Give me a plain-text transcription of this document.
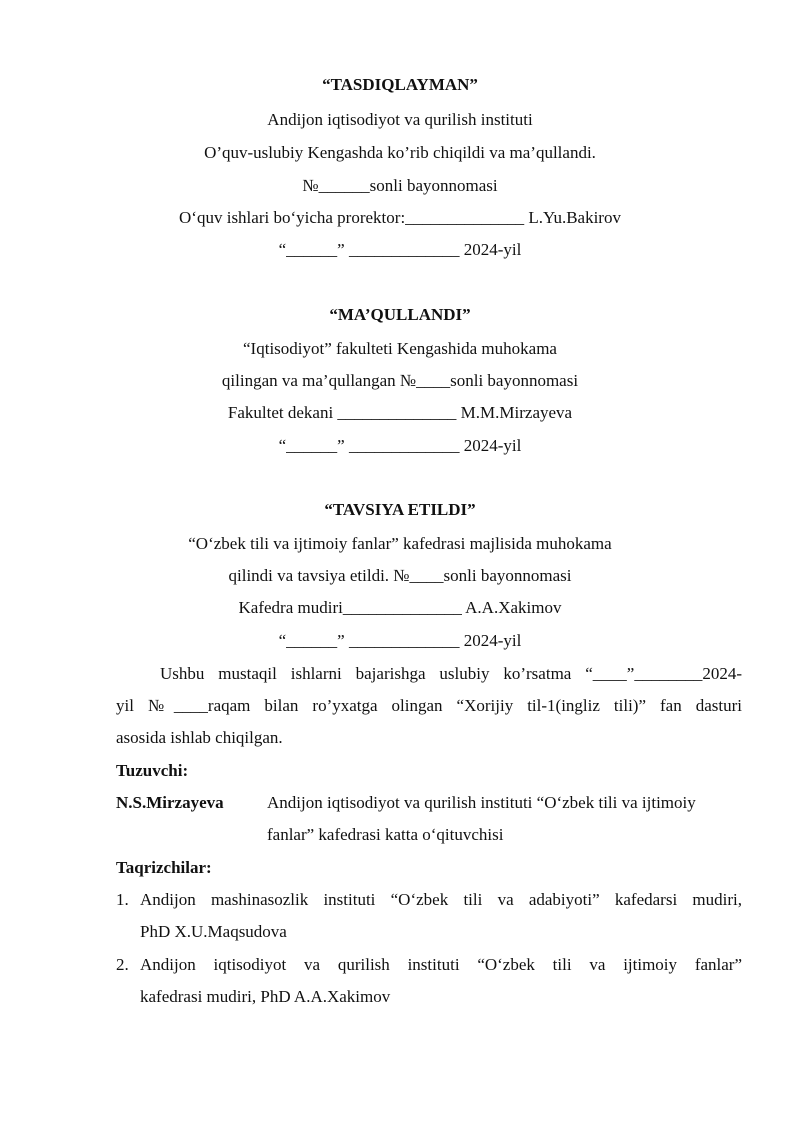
“TASDIQLAYMAN”
Andijon iqtisodiyot va qurilish instituti
O’quv-uslubiy Kengashda ko’rib chiqildi va ma’qullandi.
№______sonli bayonnomasi
O‘quv ishlari bo‘yicha prorektor:______________ L.Yu.Bakirov
“______” _____________ 2024-yil
“MA’QULLANDI”
“Iqtisodiyot” fakulteti Kengashida muhokama
qilingan va ma’qullangan №____sonli bayonnomasi
Fakultet dekani ______________ M.M.Mirzayeva
“______” _____________ 2024-yil
“TAVSIYA ETILDI”
“O‘zbek tili va ijtimoiy fanlar” kafedrasi majlisida muhokama
qilindi va tavsiya etildi. №____sonli bayonnomasi
Kafedra mudiri______________ A.A.Xakimov
“______” _____________ 2024-yil
Ushbu mustaqil ishlarni bajarishga uslubiy ko’rsatma “____”________2024-
yil №____raqam bilan ro’yxatga olingan “Xorijiy til-1(ingliz tili)” fan dasturi
asosida ishlab chiqilgan.
Tuzuvchi:
N.S.Mirzayeva	Andijon iqtisodiyot va qurilish instituti “O‘zbek tili va ijtimoiy
fanlar” kafedrasi katta o‘qituvchisi
Taqrizchilar:
1. Andijon mashinasozlik instituti “O‘zbek tili va adabiyoti” kafedarsi mudiri,
PhD X.U.Maqsudova
2. Andijon iqtisodiyot va qurilish instituti “O‘zbek tili va ijtimoiy fanlar”
kafedrasi mudiri, PhD A.A.Xakimov
